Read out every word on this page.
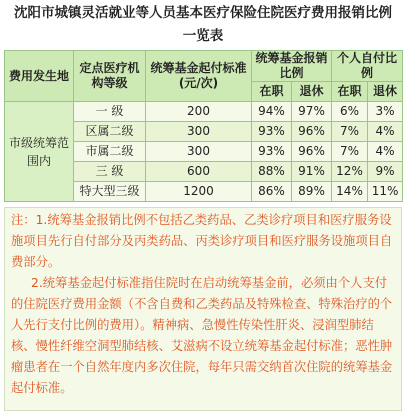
沈阳市城镇灵活就业等人员基本医疗保险住院医疗费用报销比例
一览表
费用发生地	定点医疗机构等级	统筹基金起付标准(元/次)	统筹基金报销比例		个人自付比例	
			在职	退休	在职	退休
市级统筹范围内	一 级	200	94%	97%	6%	3%
	区属二级	300	93%	96%	7%	4%
	市属二级	300	93%	96%	7%	4%
	三 级	600	88%	91%	12%	9%
	特大型三级	1200	86%	89%	14%	11%

注：1.统筹基金报销比例不包括乙类药品、乙类诊疗项目和医疗服务设施项目先行自付部分及丙类药品、丙类诊疗项目和医疗服务设施项目自费部分。

2.统筹基金起付标准指住院时在启动统筹基金前，必须由个人支付的住院医疗费用金额（不含自费和乙类药品及特殊检查、特殊治疗的个人先行支付比例的费用）。精神病、急慢性传染性肝炎、浸润型肺结核、慢性纤维空洞型肺结核、艾滋病不设立统筹基金起付标准；恶性肿瘤患者在一个自然年度内多次住院，每年只需交纳首次住院的统筹基金起付标准。
